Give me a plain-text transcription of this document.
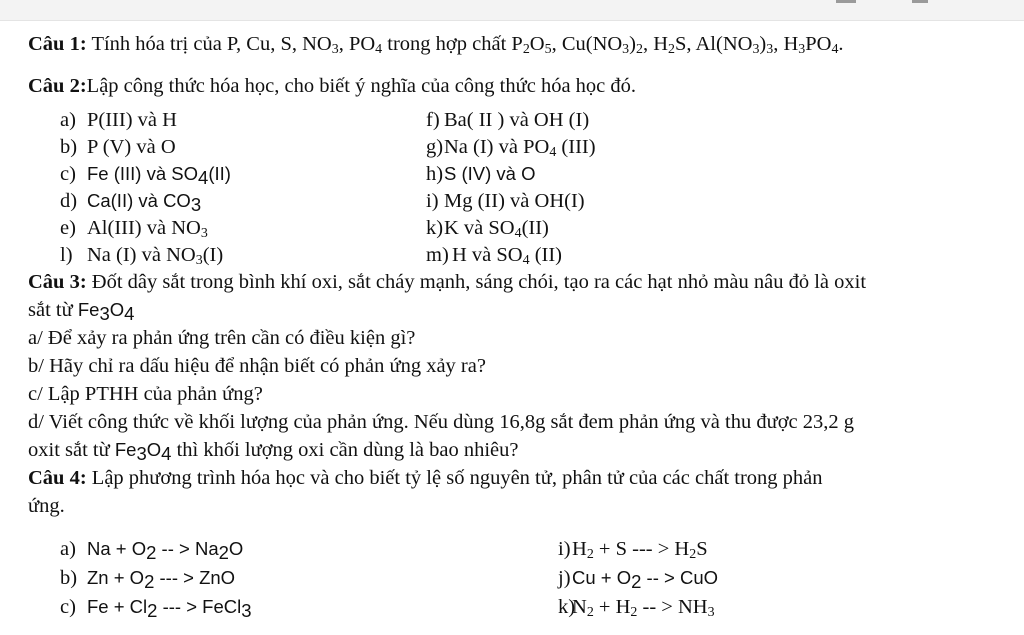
Câu 1: Tính hóa trị của P, Cu, S, $NO_3$, $PO_4$ trong hợp chất $P_2O_5$, $Cu(NO_3)_2$, $H_2S$, $Al(NO_3)_3$, $H_3PO_4$.
Câu 2:Lập công thức hóa học, cho biết ý nghĩa của công thức hóa học đó.
a) P(III) và H	f) Ba( II ) và OH (I)
b) P (V) và O	g)Na (I) và $PO_4$ (III)
c) Fe (III) và $SO_4(II)$	h)S (IV) và O
d) Ca(II) và $CO_3$	i) Mg (II) và OH(I)
e) Al(III) và $NO_3$	k)K và $SO_4(II)$
l) Na (I) và $NO_3(I)$	m) H và $SO_4$ (II)
Câu 3: Đốt dây sắt trong bình khí oxi, sắt cháy mạnh, sáng chói, tạo ra các hạt nhỏ màu nâu đỏ là oxit
sắt từ $Fe_3O_4$
a/ Để xảy ra phản ứng trên cần có điều kiện gì?
b/ Hãy chỉ ra dấu hiệu để nhận biết có phản ứng xảy ra?
c/ Lập PTHH của phản ứng?
d/ Viết công thức về khối lượng của phản ứng. Nếu dùng 16,8g sắt đem phản ứng và thu được 23,2 g
oxit sắt từ $Fe_3O_4$ thì khối lượng oxi cần dùng là bao nhiêu?
Câu 4: Lập phương trình hóa học và cho biết tỷ lệ số nguyên tử, phân tử của các chất trong phản
ứng.
a) $Na + O_2$ -- > $Na_2O$	$i)H_2 + S$ --- > $H_2S$
b) $Zn + O_2$ --- > ZnO	$j)Cu + O_2$ -- > CuO
c) $Fe + Cl_2$ --- > FeCl$_3$	$k)N_2 + H_2$ -- > $NH_3$
